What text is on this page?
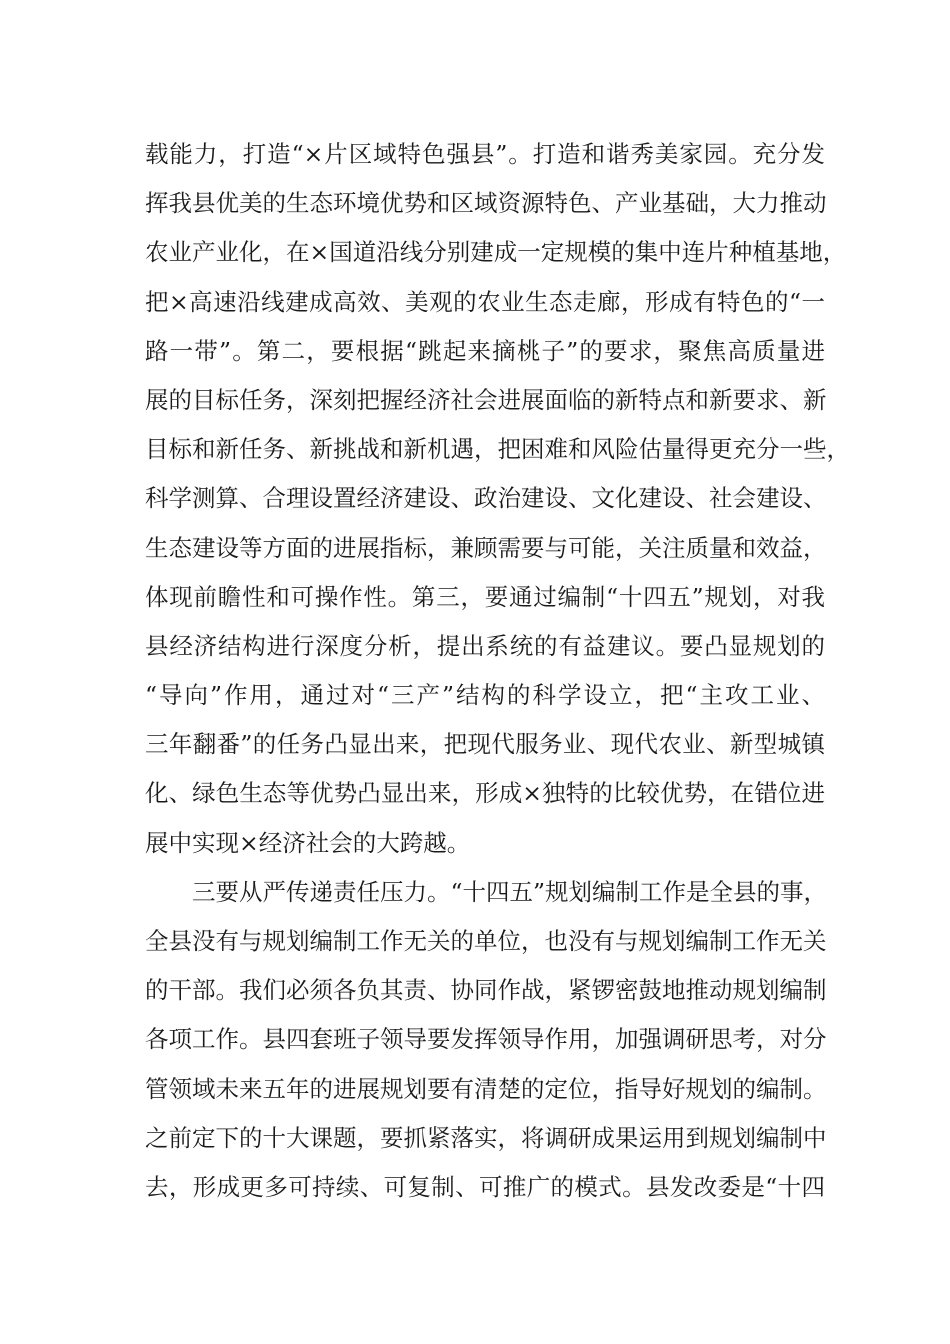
载能力，打造“×片区域特色强县”。打造和谐秀美家园。充分发
挥我县优美的生态环境优势和区域资源特色、产业基础，大力推动
农业产业化，在×国道沿线分别建成一定规模的集中连片种植基地，
把×高速沿线建成高效、美观的农业生态走廊，形成有特色的“一
路一带”。第二，要根据“跳起来摘桃子”的要求，聚焦高质量进
展的目标任务，深刻把握经济社会进展面临的新特点和新要求、新
目标和新任务、新挑战和新机遇，把困难和风险估量得更充分一些，
科学测算、合理设置经济建设、政治建设、文化建设、社会建设、
生态建设等方面的进展指标，兼顾需要与可能，关注质量和效益，
体现前瞻性和可操作性。第三，要通过编制“十四五”规划，对我
县经济结构进行深度分析，提出系统的有益建议。要凸显规划的
“导向”作用，通过对“三产”结构的科学设立，把“主攻工业、
三年翻番”的任务凸显出来，把现代服务业、现代农业、新型城镇
化、绿色生态等优势凸显出来，形成×独特的比较优势，在错位进
展中实现×经济社会的大跨越。
三要从严传递责任压力。“十四五”规划编制工作是全县的事，
全县没有与规划编制工作无关的单位，也没有与规划编制工作无关
的干部。我们必须各负其责、协同作战，紧锣密鼓地推动规划编制
各项工作。县四套班子领导要发挥领导作用，加强调研思考，对分
管领域未来五年的进展规划要有清楚的定位，指导好规划的编制。
之前定下的十大课题，要抓紧落实，将调研成果运用到规划编制中
去，形成更多可持续、可复制、可推广的模式。县发改委是“十四
